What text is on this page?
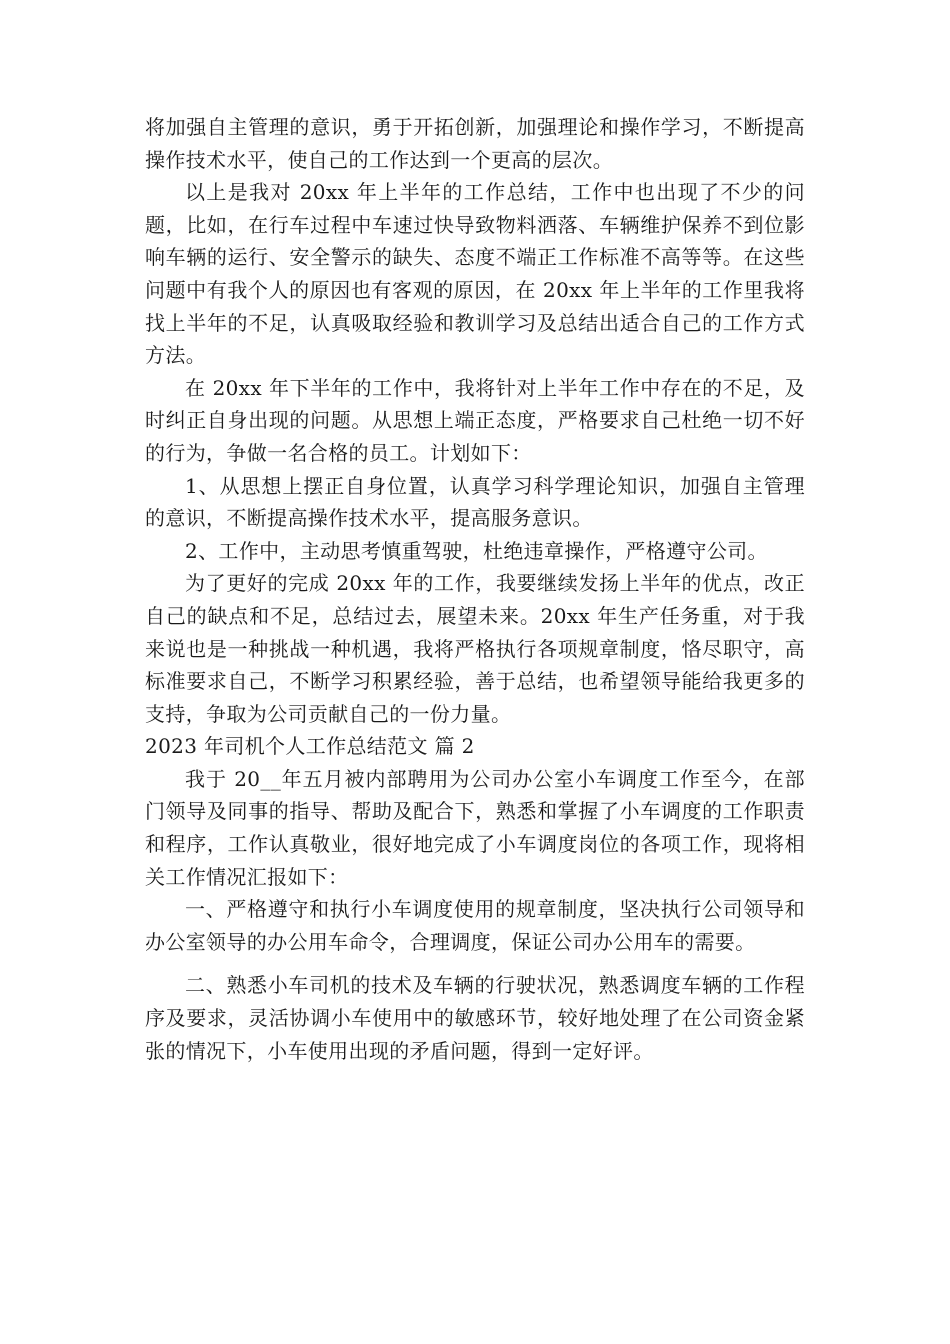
将加强自主管理的意识，勇于开拓创新，加强理论和操作学习，不断提高操作技术水平，使自己的工作达到一个更高的层次。

以上是我对 20xx 年上半年的工作总结，工作中也出现了不少的问题，比如，在行车过程中车速过快导致物料洒落、车辆维护保养不到位影响车辆的运行、安全警示的缺失、态度不端正工作标准不高等等。在这些问题中有我个人的原因也有客观的原因，在 20xx 年上半年的工作里我将找上半年的不足，认真吸取经验和教训学习及总结出适合自己的工作方式方法。

在 20xx 年下半年的工作中，我将针对上半年工作中存在的不足，及时纠正自身出现的问题。从思想上端正态度，严格要求自己杜绝一切不好的行为，争做一名合格的员工。计划如下：

1、从思想上摆正自身位置，认真学习科学理论知识，加强自主管理的意识，不断提高操作技术水平，提高服务意识。

2、工作中，主动思考慎重驾驶，杜绝违章操作，严格遵守公司。

为了更好的完成 20xx 年的工作，我要继续发扬上半年的优点，改正自己的缺点和不足，总结过去，展望未来。20xx 年生产任务重，对于我来说也是一种挑战一种机遇，我将严格执行各项规章制度，恪尽职守，高标准要求自己，不断学习积累经验，善于总结，也希望领导能给我更多的支持，争取为公司贡献自己的一份力量。

2023 年司机个人工作总结范文 篇 2

我于 20__年五月被内部聘用为公司办公室小车调度工作至今，在部门领导及同事的指导、帮助及配合下，熟悉和掌握了小车调度的工作职责和程序，工作认真敬业，很好地完成了小车调度岗位的各项工作，现将相关工作情况汇报如下：

一、严格遵守和执行小车调度使用的规章制度，坚决执行公司领导和办公室领导的办公用车命令，合理调度，保证公司办公用车的需要。

二、熟悉小车司机的技术及车辆的行驶状况，熟悉调度车辆的工作程序及要求，灵活协调小车使用中的敏感环节，较好地处理了在公司资金紧张的情况下，小车使用出现的矛盾问题，得到一定好评。
